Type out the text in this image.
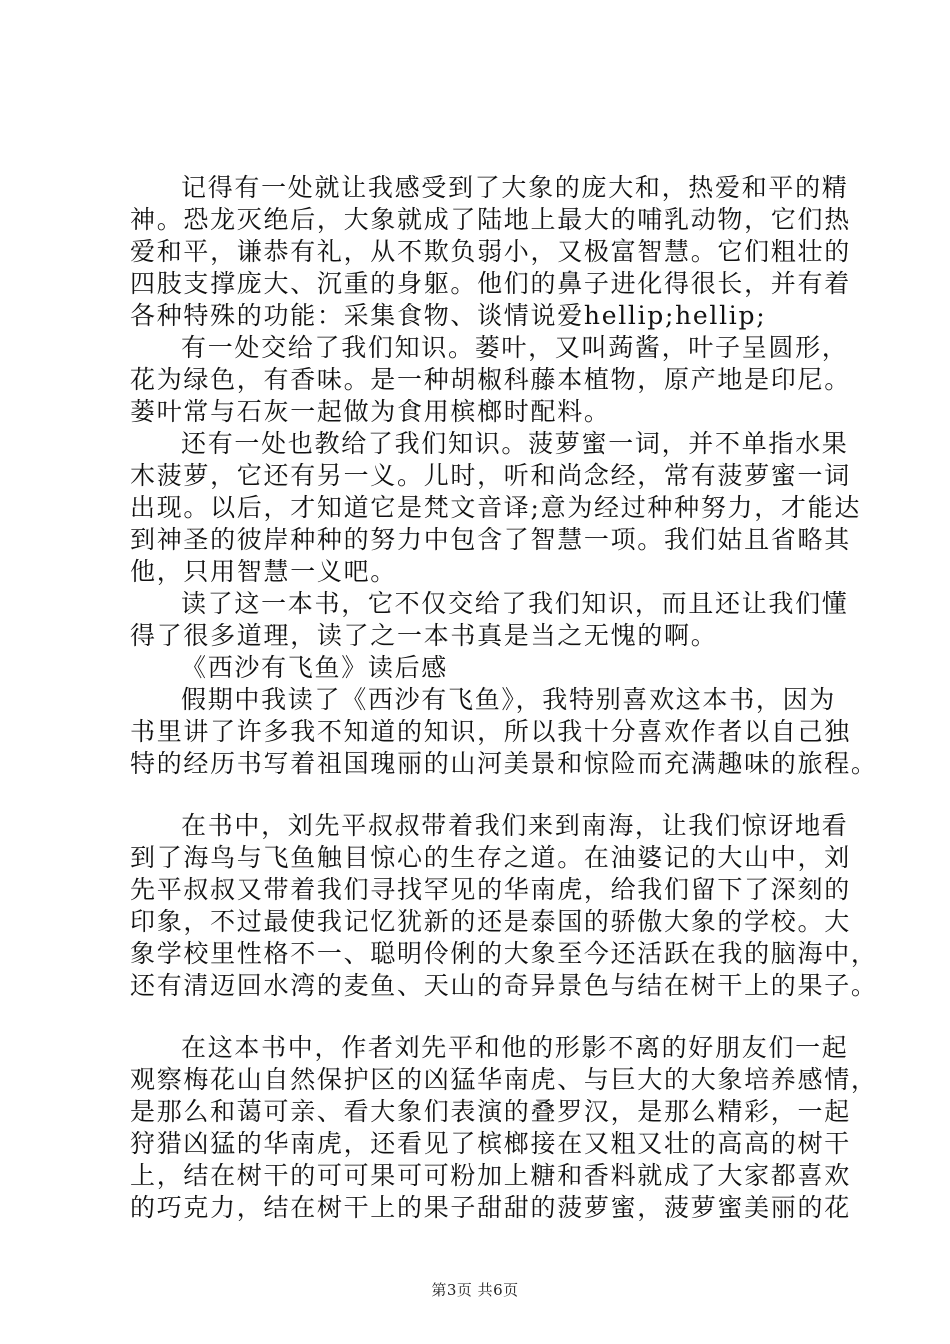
记得有一处就让我感受到了大象的庞大和，热爱和平的精
神。恐龙灭绝后，大象就成了陆地上最大的哺乳动物，它们热
爱和平，谦恭有礼，从不欺负弱小，又极富智慧。它们粗壮的
四肢支撑庞大、沉重的身躯。他们的鼻子进化得很长，并有着
各种特殊的功能：采集食物、谈情说爱hellip;hellip;
有一处交给了我们知识。蒌叶，又叫蒟酱，叶子呈圆形，
花为绿色，有香味。是一种胡椒科藤本植物，原产地是印尼。
蒌叶常与石灰一起做为食用槟榔时配料。
还有一处也教给了我们知识。菠萝蜜一词，并不单指水果
木菠萝，它还有另一义。儿时，听和尚念经，常有菠萝蜜一词
出现。以后，才知道它是梵文音译;意为经过种种努力，才能达
到神圣的彼岸种种的努力中包含了智慧一项。我们姑且省略其
他，只用智慧一义吧。
读了这一本书，它不仅交给了我们知识，而且还让我们懂
得了很多道理，读了之一本书真是当之无愧的啊。
《西沙有飞鱼》读后感
假期中我读了《西沙有飞鱼》，我特别喜欢这本书，因为
书里讲了许多我不知道的知识，所以我十分喜欢作者以自己独
特的经历书写着祖国瑰丽的山河美景和惊险而充满趣味的旅程。
在书中，刘先平叔叔带着我们来到南海，让我们惊讶地看
到了海鸟与飞鱼触目惊心的生存之道。在油婆记的大山中，刘
先平叔叔又带着我们寻找罕见的华南虎，给我们留下了深刻的
印象，不过最使我记忆犹新的还是泰国的骄傲大象的学校。大
象学校里性格不一、聪明伶俐的大象至今还活跃在我的脑海中，
还有清迈回水湾的麦鱼、天山的奇异景色与结在树干上的果子。
在这本书中，作者刘先平和他的形影不离的好朋友们一起
观察梅花山自然保护区的凶猛华南虎、与巨大的大象培养感情，
是那么和蔼可亲、看大象们表演的叠罗汉，是那么精彩，一起
狩猎凶猛的华南虎，还看见了槟榔接在又粗又壮的高高的树干
上，结在树干的可可果可可粉加上糖和香料就成了大家都喜欢
的巧克力，结在树干上的果子甜甜的菠萝蜜，菠萝蜜美丽的花
第3页 共6页
